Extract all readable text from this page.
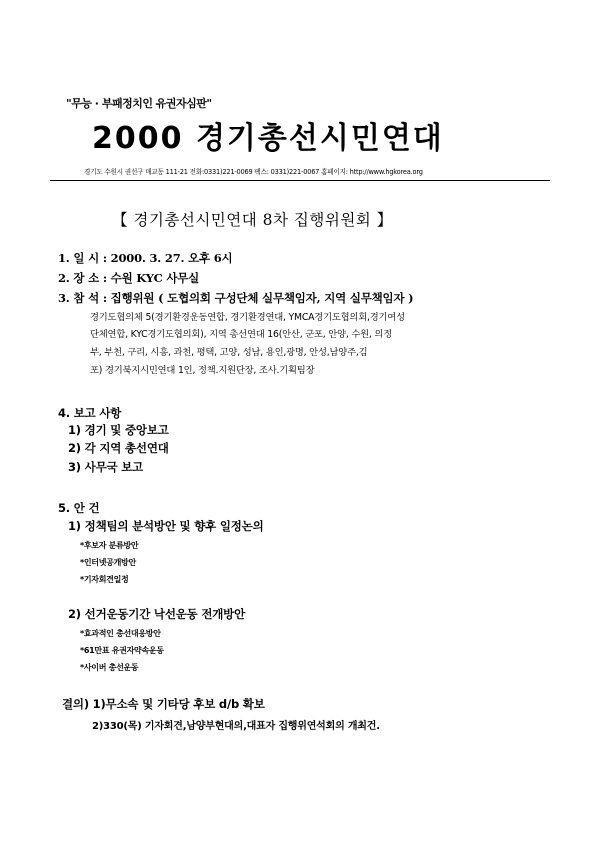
"무능 · 부패정치인 유권자심판"
2000 경기총선시민연대
경기도 수원시 권선구 매교동 111-21 전화:0331)221-0069 팩스: 0331)221-0067 홈페이지: http://www.hgkorea.org
【 경기총선시민연대 8차 집행위원회 】
1. 일 시 : 2000. 3. 27. 오후 6시
2. 장 소 : 수원 KYC 사무실
3. 참 석 : 집행위원 ( 도협의회 구성단체 실무책임자, 지역 실무책임자 )
경기도협의체 5(경기환경운동연합, 경기환경연대, YMCA경기도협의회,경기여성
단체연합, KYC경기도협의회), 지역 총선연대 16(안산, 군포, 안양, 수원, 의정
부, 부천, 구리, 시흥, 과천, 평택, 고양, 성남, 용인,광명, 안성,남양주,김
포) 경기북지시민연대 1인, 정책.지원단장, 조사.기획팀장
4. 보고 사항
1) 경기 및 중앙보고
2) 각 지역 총선연대
3) 사무국 보고
5. 안 건
1) 정책팀의 분석방안 및 향후 일정논의
*후보자 분류방안
*인터넷공개방안
*기자회견일정
2) 선거운동기간 낙선운동 전개방안
*효과적인 총선대응방안
*61만표 유권자약속운동
*사이버 총선운동
결의) 1)무소속 및 기타당 후보 d/b 확보
2)330(목) 기자회견,남양부현대의,대표자 집행위연석회의 개최건.
